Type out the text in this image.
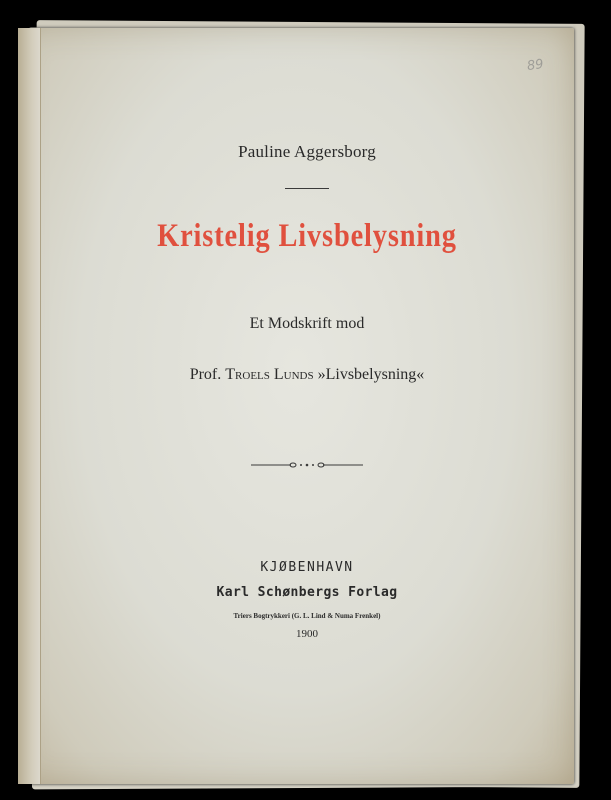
89
Pauline Aggersborg
Kristelig Livsbelysning
Et Modskrift mod
Prof. Troels Lunds »Livsbelysning«
KJØBENHAVN
Karl Schønbergs Forlag
Triers Bogtrykkeri (G. L. Lind & Numa Frenkel)
1900
